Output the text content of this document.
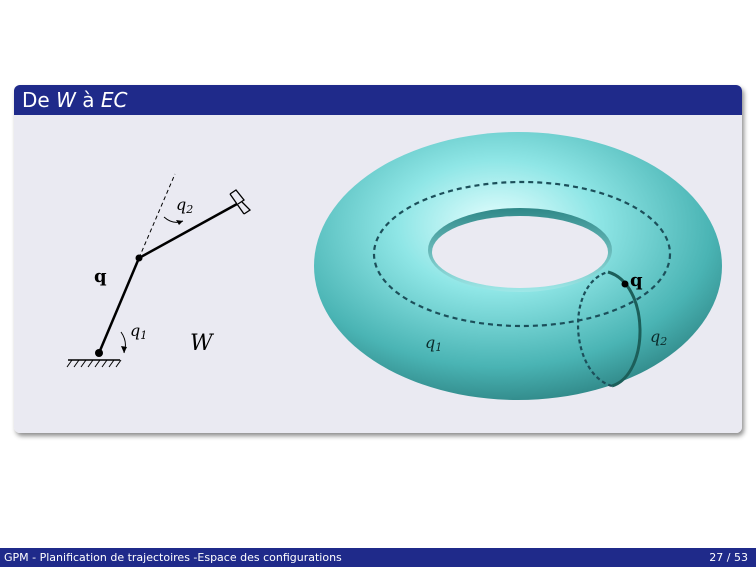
De W à EC
q
q1
q2
W
q
q1
q2
GPM - Planification de trajectoires -Espace des configurations	27 / 53
